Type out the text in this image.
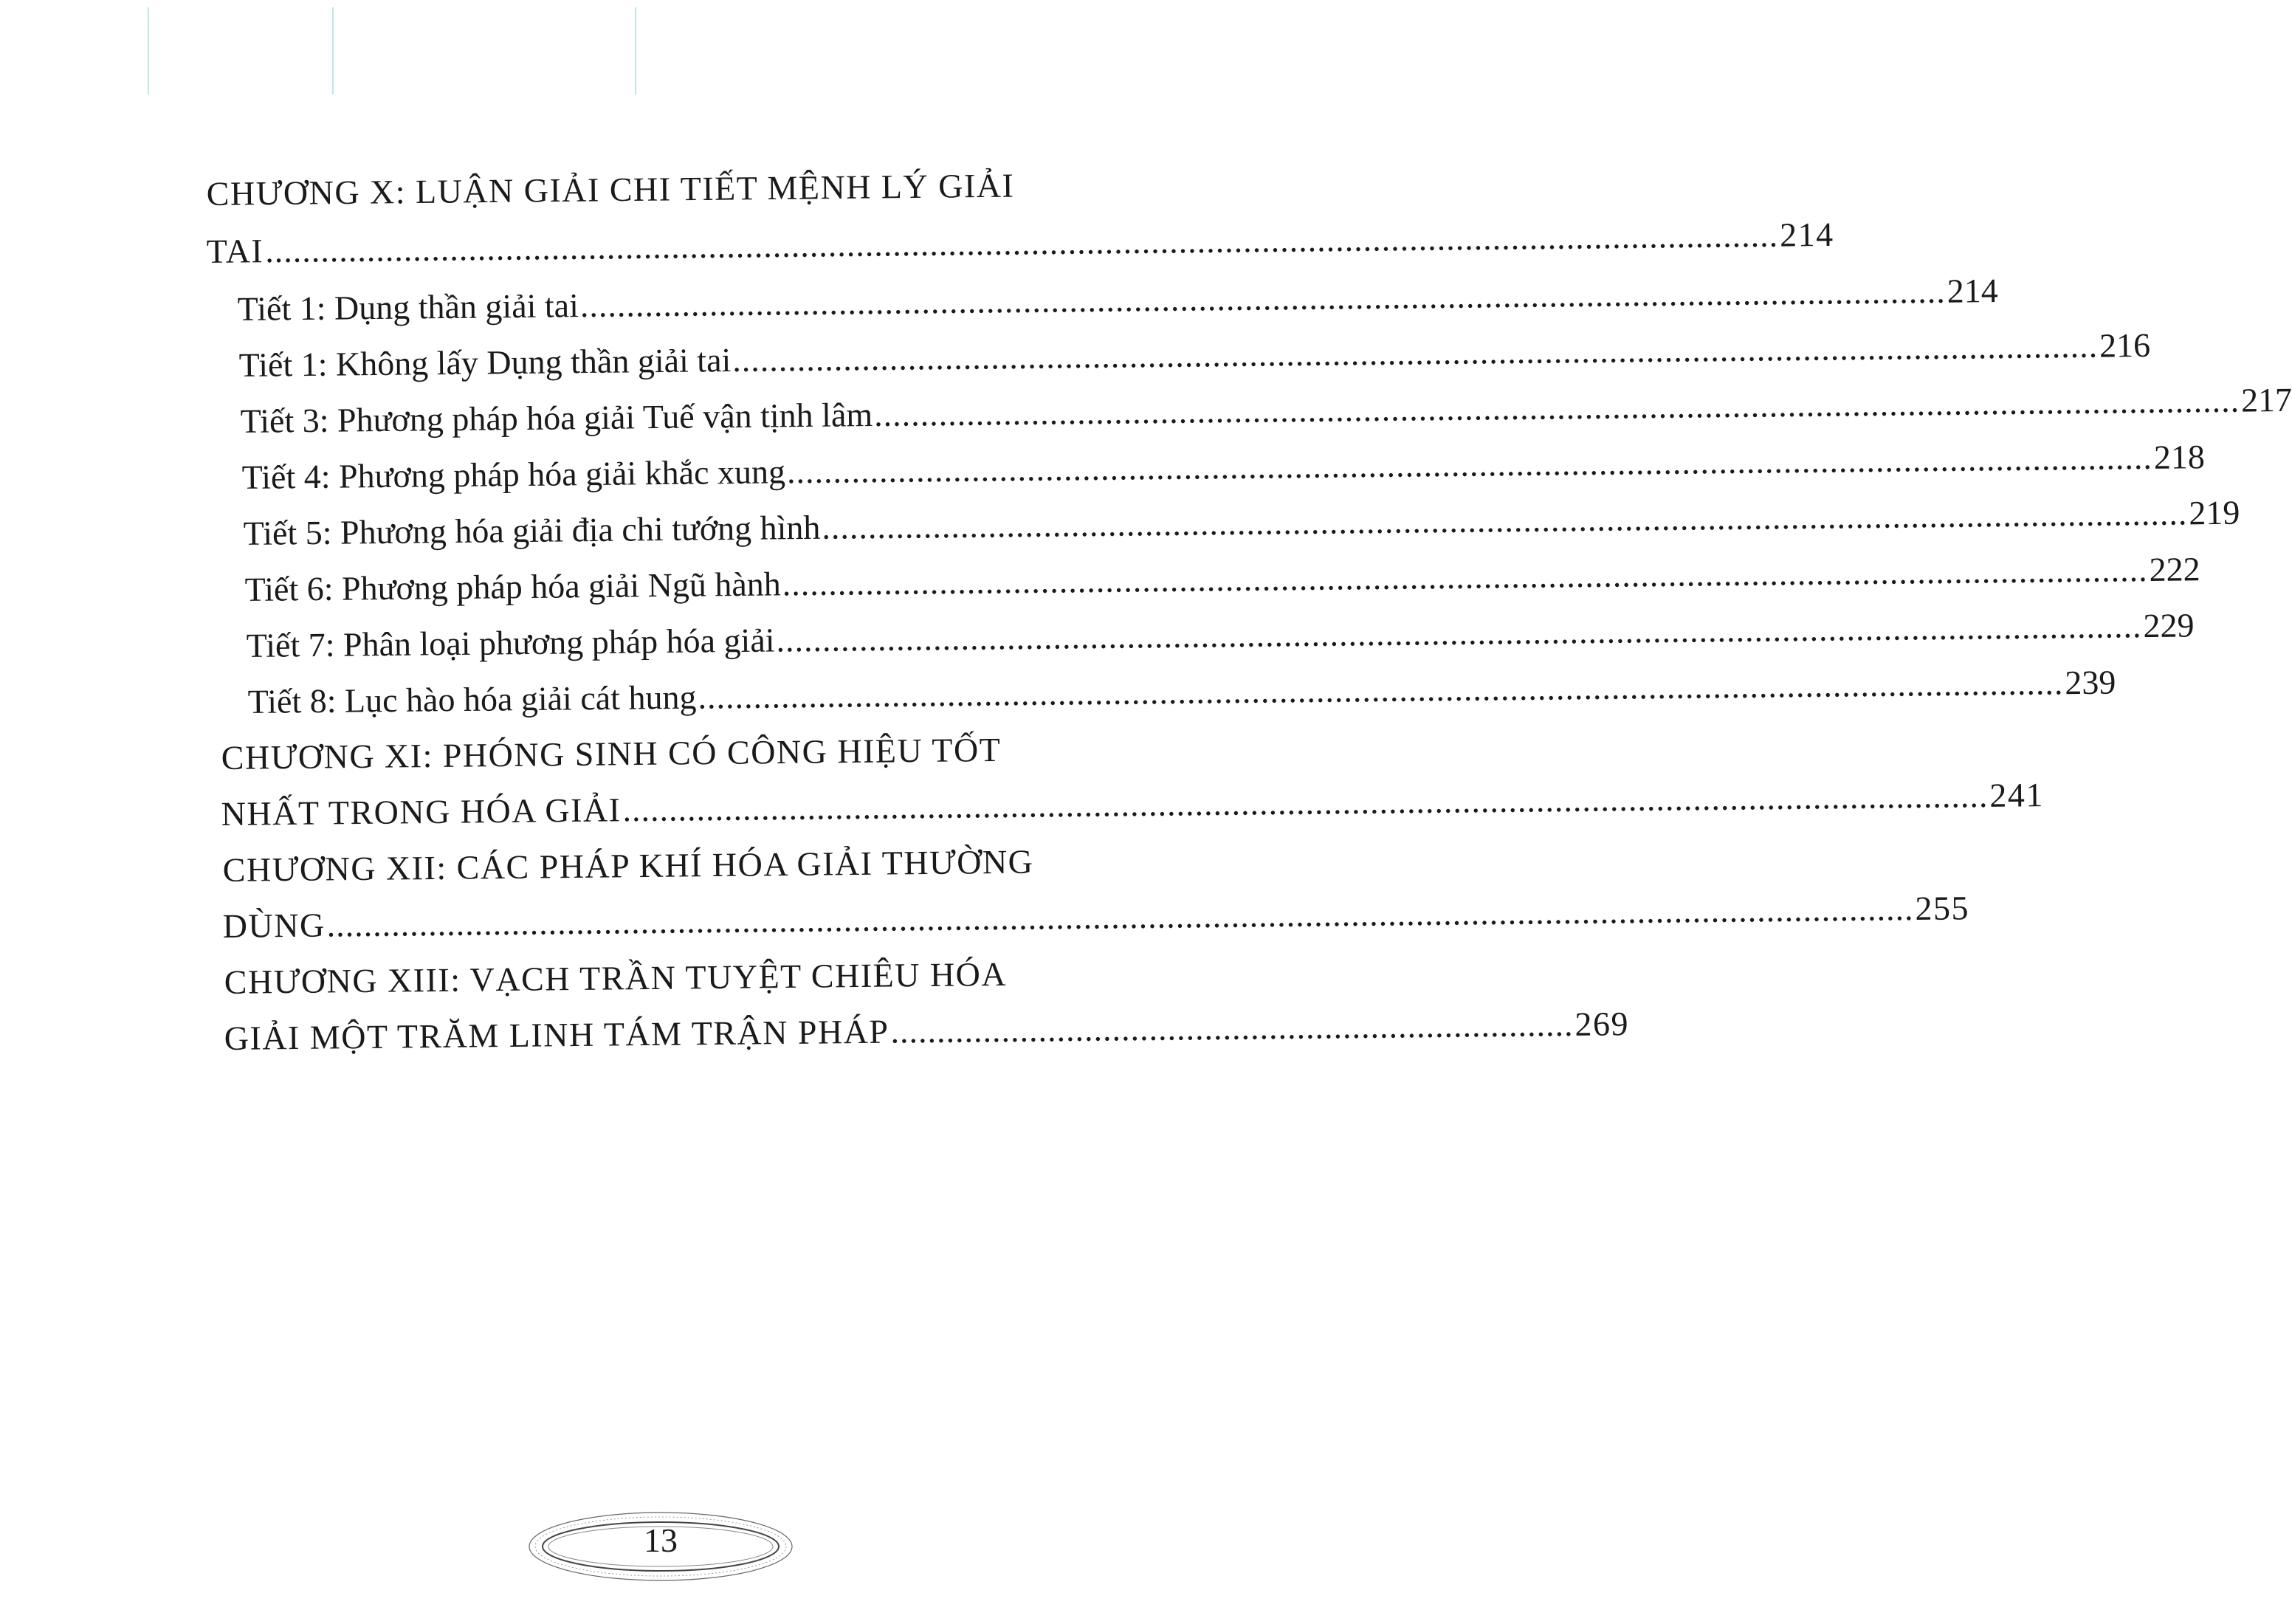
CHƯƠNG X: LUẬN GIẢI CHI TIẾT MỆNH LÝ GIẢI
TAI .................................................................................................................................................................... 214
Tiết 1: Dụng thần giải tai .................................................................................................................................................... 214
Tiết 1: Không lấy Dụng thần giải tai .................................................................................................................................................... 216
Tiết 3: Phương pháp hóa giải Tuế vận tịnh lâm .................................................................................................................................................... 217
Tiết 4: Phương pháp hóa giải khắc xung .................................................................................................................................................... 218
Tiết 5: Phương hóa giải địa chi tướng hình .................................................................................................................................................... 219
Tiết 6: Phương pháp hóa giải Ngũ hành .................................................................................................................................................... 222
Tiết 7: Phân loại phương pháp hóa giải .................................................................................................................................................... 229
Tiết 8: Lục hào hóa giải cát hung .................................................................................................................................................... 239
CHƯƠNG XI: PHÓNG SINH CÓ CÔNG HIỆU TỐT
NHẤT TRONG HÓA GIẢI .................................................................................................................................................... 241
CHƯƠNG XII: CÁC PHÁP KHÍ HÓA GIẢI THƯỜNG
DÙNG ............................................................................................................................................................................ 255
CHƯƠNG XIII: VẠCH TRẦN TUYỆT CHIÊU HÓA
GIẢI MỘT TRĂM LINH TÁM TRẬN PHÁP .......................................................................... 269
13
